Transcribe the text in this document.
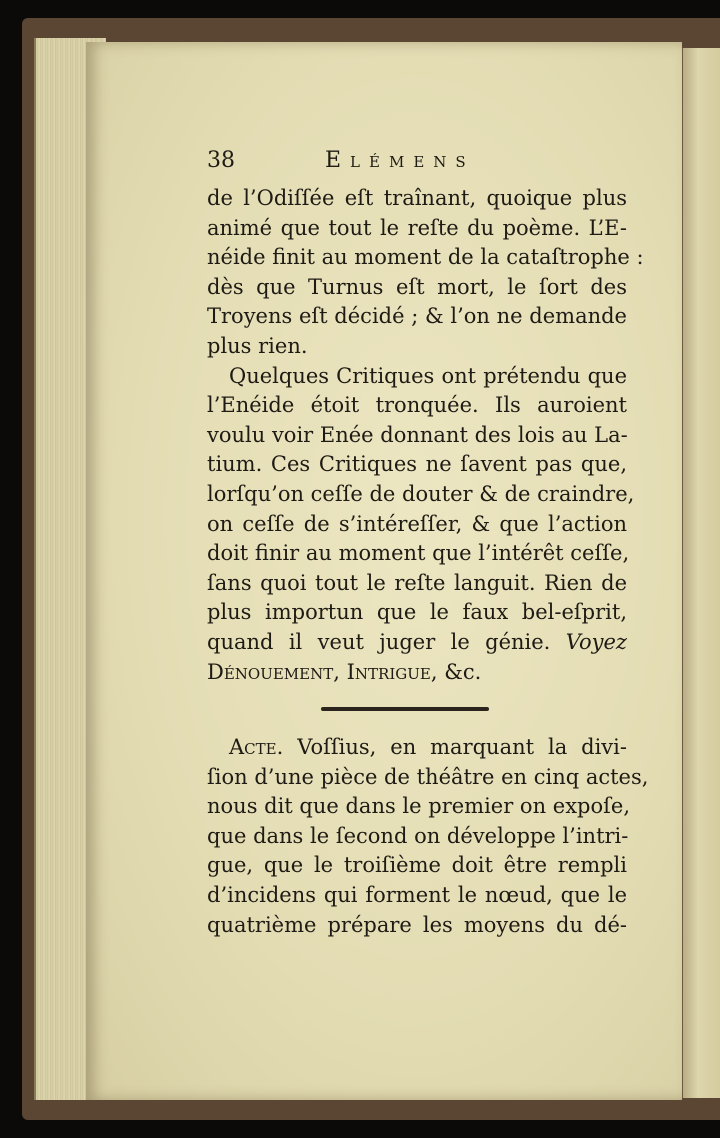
38	Elémens
de l’Odiſſée eſt traînant, quoique plus
animé que tout le reſte du poème. L’E-
néide finit au moment de la cataſtrophe :
dès que Turnus eſt mort, le ſort des
Troyens eſt décidé ; & l’on ne demande
plus rien.
Quelques Critiques ont prétendu que
l’Enéide étoit tronquée. Ils auroient
voulu voir Enée donnant des lois au La-
tium. Ces Critiques ne ſavent pas que,
lorſqu’on ceſſe de douter & de craindre,
on ceſſe de s’intéreſſer, & que l’action
doit finir au moment que l’intérêt ceſſe,
ſans quoi tout le reſte languit. Rien de
plus importun que le faux bel-eſprit,
quand il veut juger le génie. Voyez
Dénouement, Intrigue, &c.
Acte. Voſſius, en marquant la divi-
ſion d’une pièce de théâtre en cinq actes,
nous dit que dans le premier on expoſe,
que dans le ſecond on développe l’intri-
gue, que le troiſième doit être rempli
d’incidens qui forment le nœud, que le
quatrième prépare les moyens du dé-
